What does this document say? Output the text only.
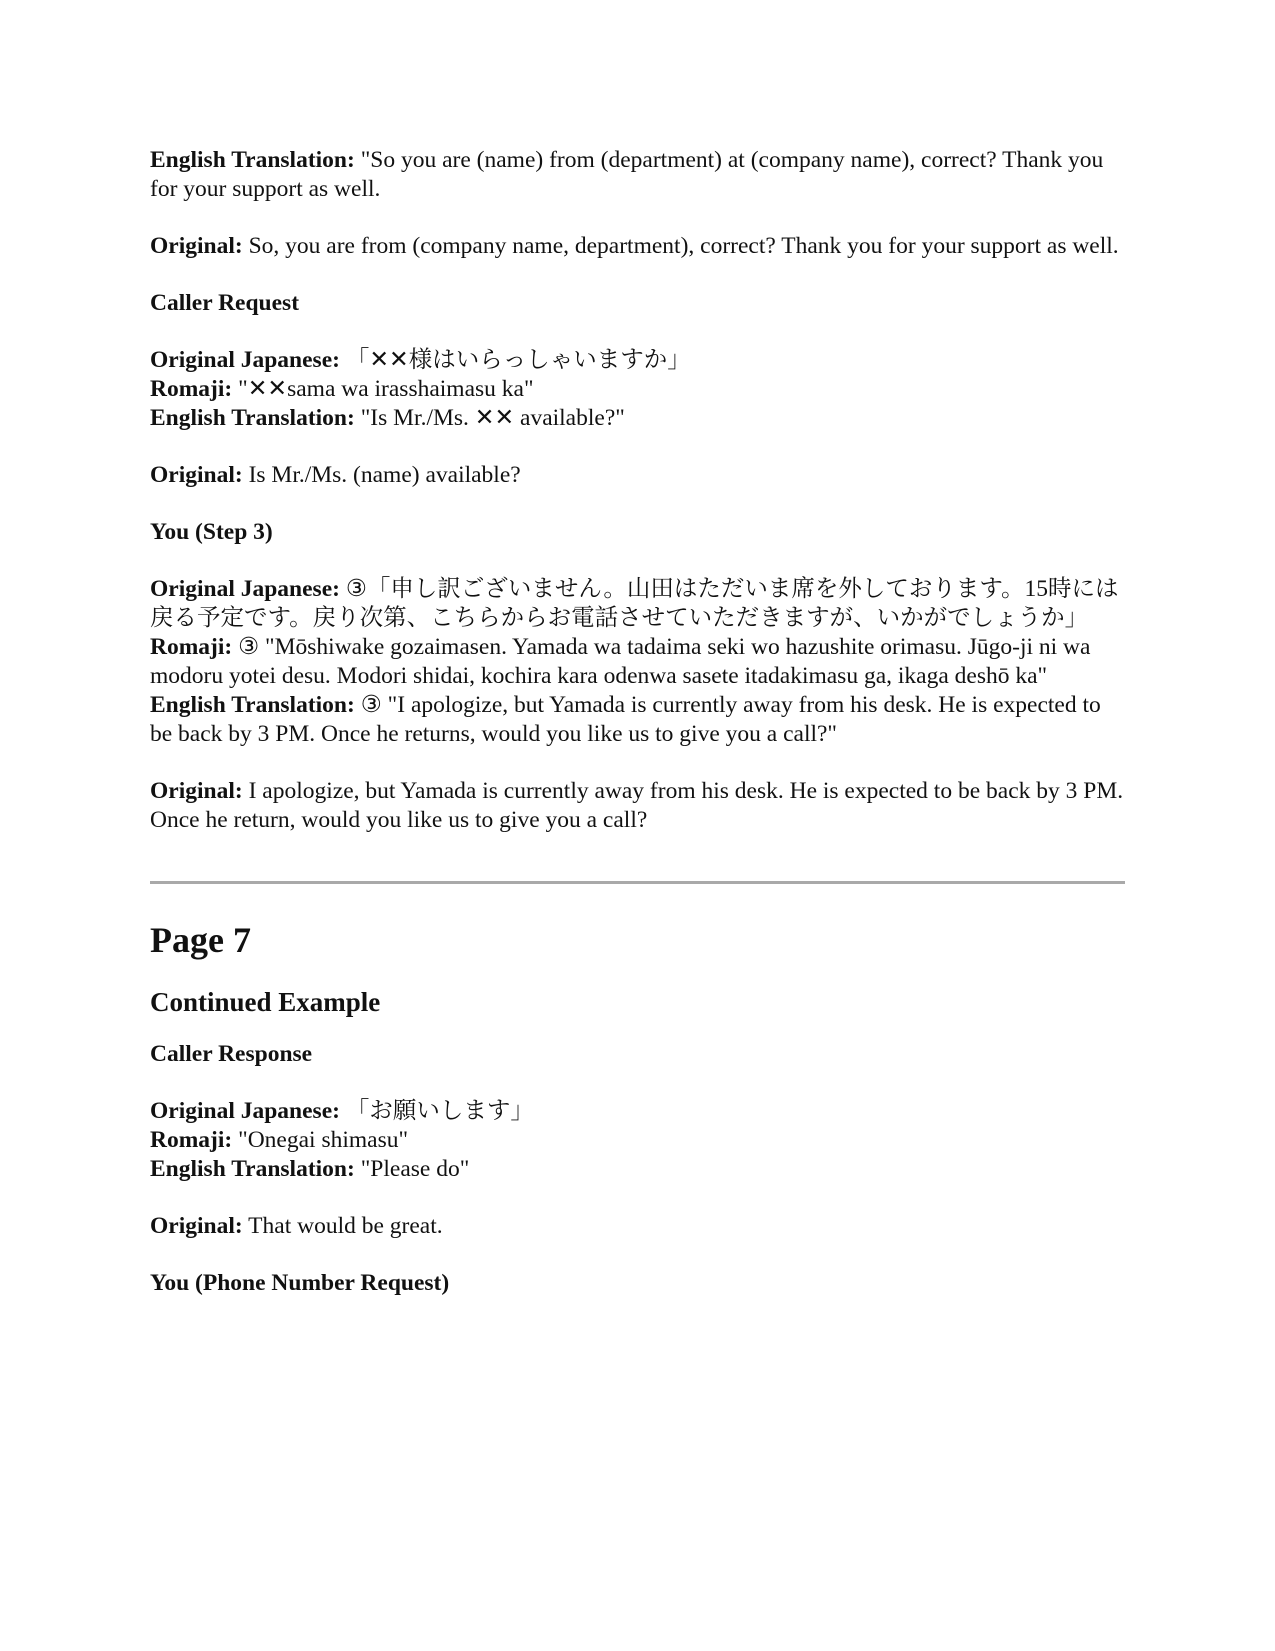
English Translation: "So you are (name) from (department) at (company name), correct? Thank you for your support as well.

Original: So, you are from (company name, department), correct? Thank you for your support as well.

Caller Request

Original Japanese: 「✕✕様はいらっしゃいますか」

Romaji: "✕✕sama wa irasshaimasu ka"

English Translation: "Is Mr./Ms. ✕✕ available?"

Original: Is Mr./Ms. (name) available?

You (Step 3)

Original Japanese: ③「申し訳ございません。山田はただいま席を外しております。15時には戻る予定です。戻り次第、こちらからお電話させていただきますが、いかがでしょうか」

Romaji: ③ "Mōshiwake gozaimasen. Yamada wa tadaima seki wo hazushite orimasu. Jūgo-ji ni wa modoru yotei desu. Modori shidai, kochira kara odenwa sasete itadakimasu ga, ikaga deshō ka"

English Translation: ③ "I apologize, but Yamada is currently away from his desk. He is expected to be back by 3 PM. Once he returns, would you like us to give you a call?"

Original: I apologize, but Yamada is currently away from his desk. He is expected to be back by 3 PM. Once he return, would you like us to give you a call?

Page 7
Continued Example

Caller Response

Original Japanese: 「お願いします」

Romaji: "Onegai shimasu"

English Translation: "Please do"

Original: That would be great.

You (Phone Number Request)
